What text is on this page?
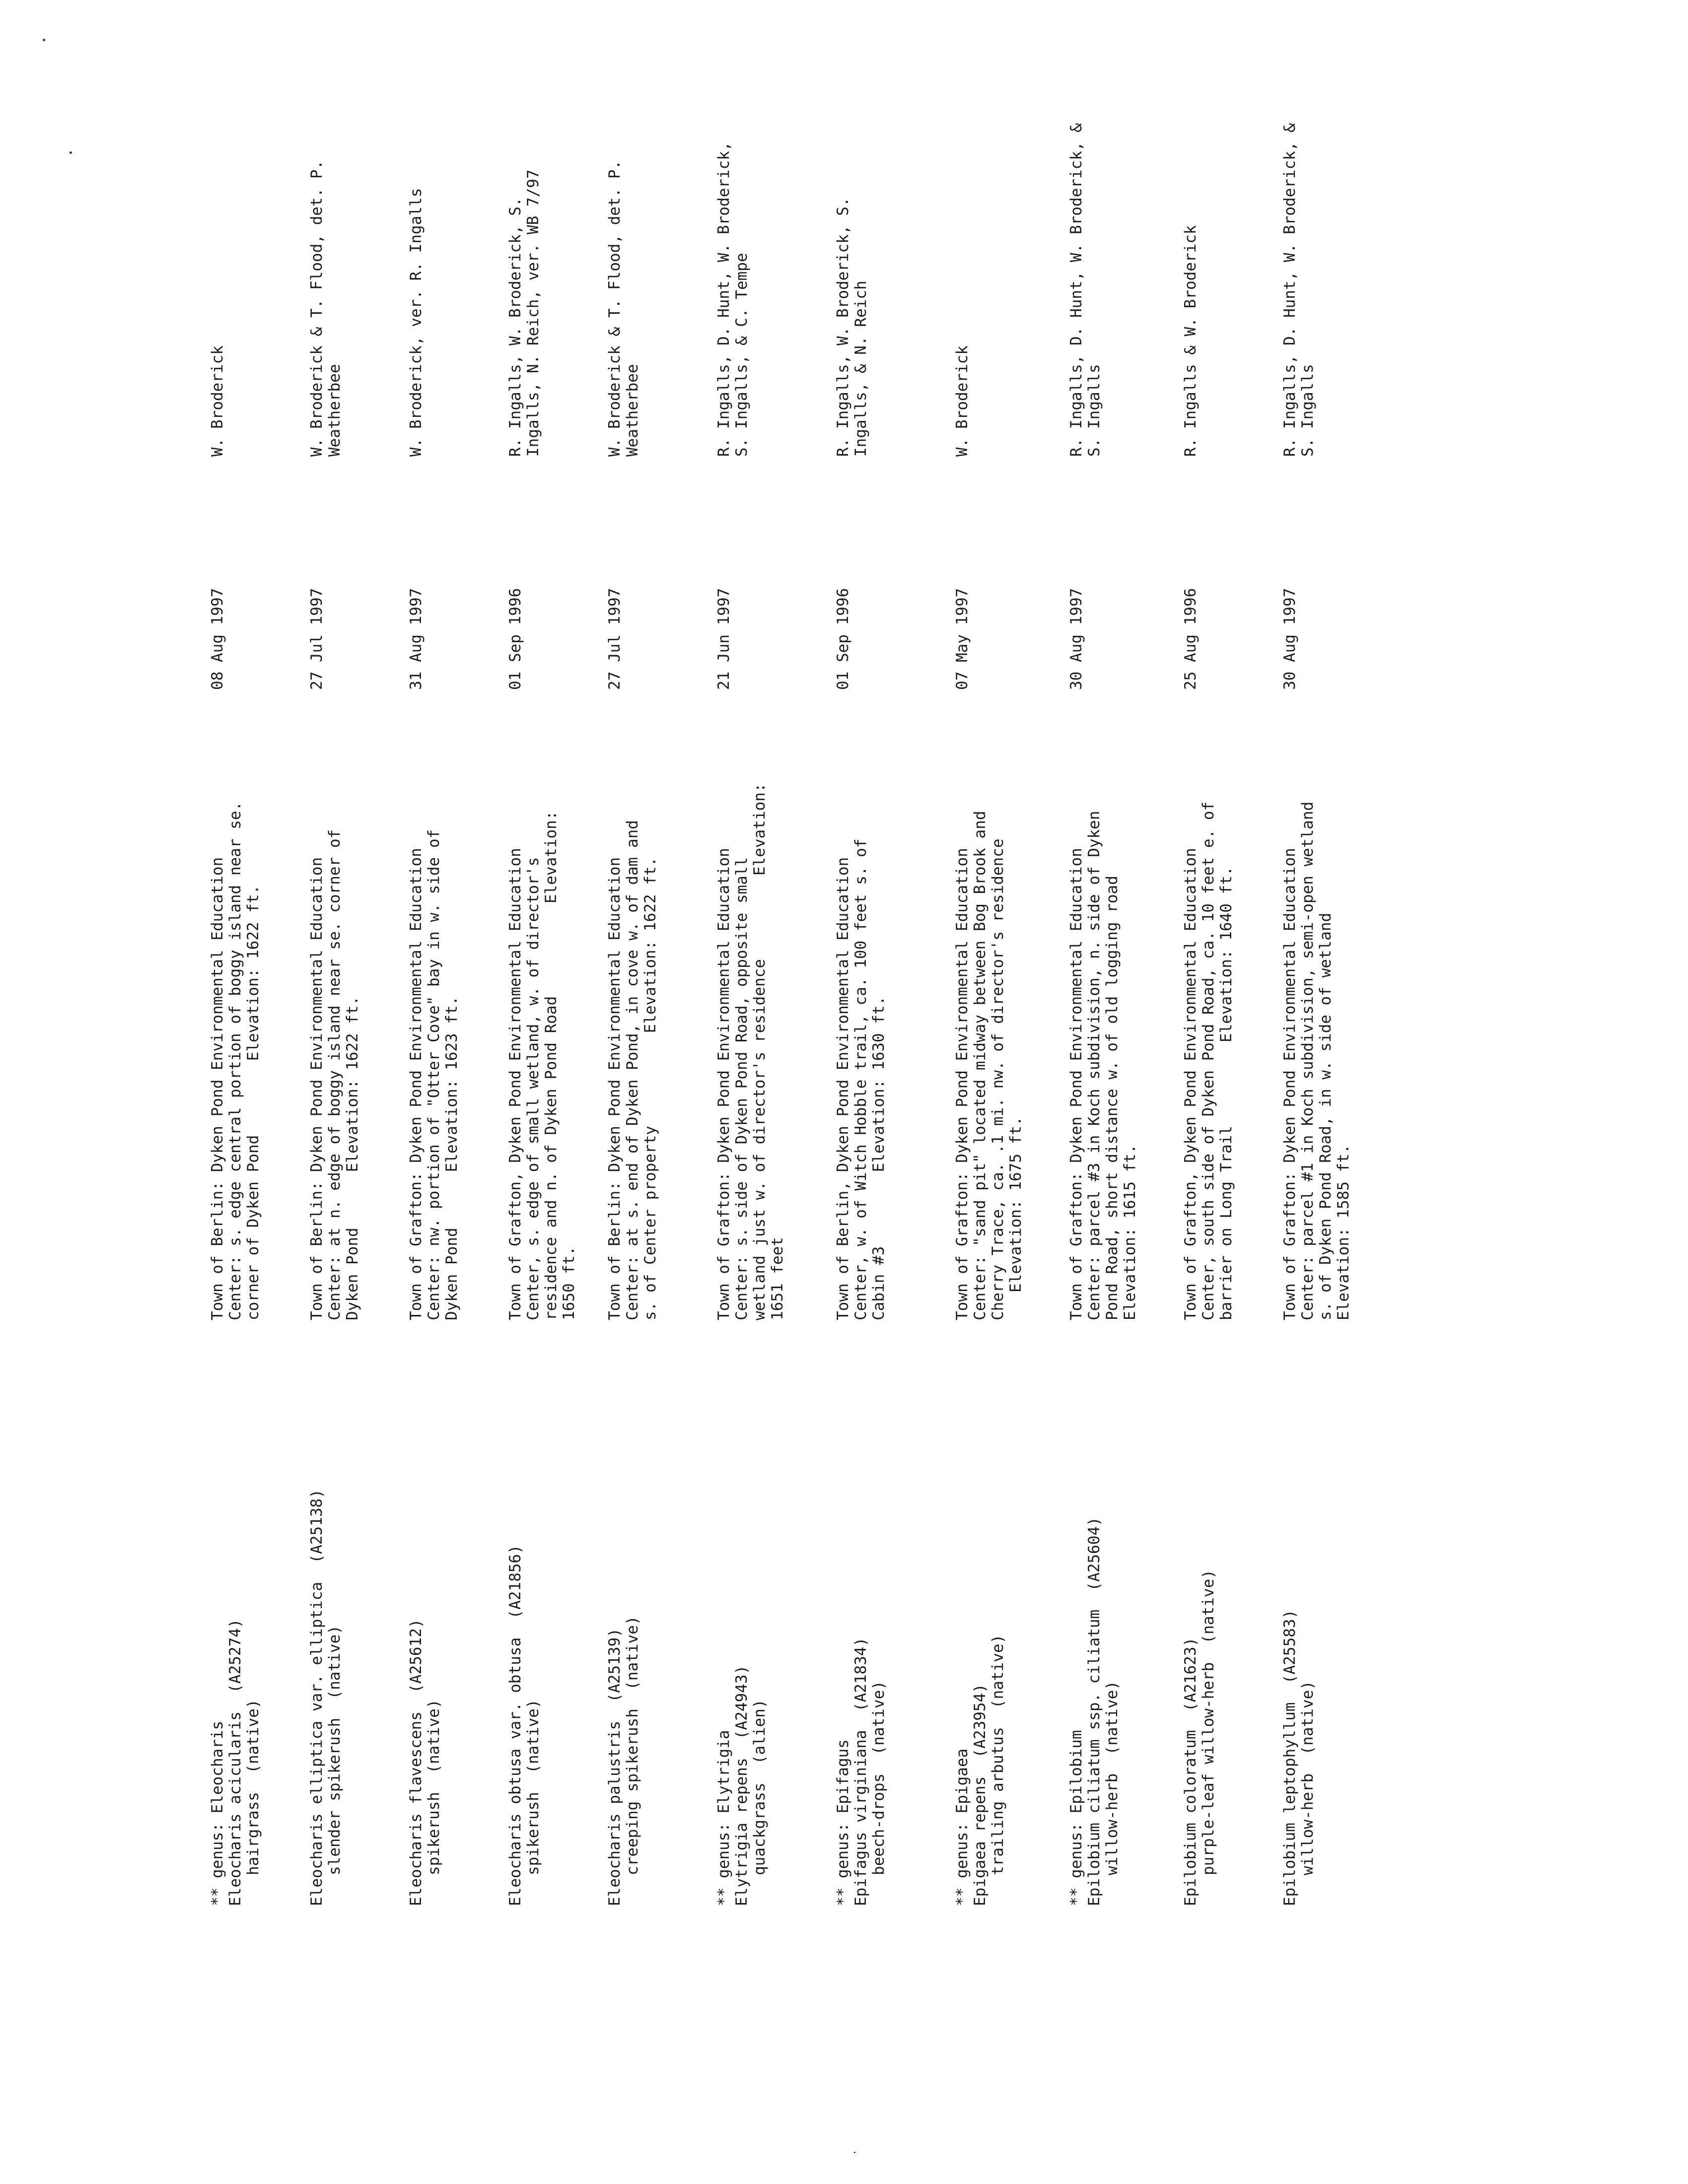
** genus: Eleocharis Eleocharis acicularis  (A25274) hairgrass  (native)
Town of Berlin: Dyken Pond Environmental Education Center: s. edge central portion of boggy island near se. corner of Dyken Pond        Elevation: 1622 ft.
08 Aug 1997
W. Broderick
Eleocharis elliptica var. elliptica  (A25138) slender spikerush  (native)
Town of Berlin: Dyken Pond Environmental Education Center: at n. edge of boggy island near se. corner of Dyken Pond      Elevation: 1622 ft.
27 Jul 1997
W. Broderick & T. Flood, det. P. Weatherbee
Eleocharis flavescens  (A25612) spikerush  (native)
Town of Grafton: Dyken Pond Environmental Education Center: nw. portion of "Otter Cove" bay in w. side of Dyken Pond      Elevation: 1623 ft.
31 Aug 1997
W. Broderick, ver. R. Ingalls
Eleocharis obtusa var. obtusa  (A21856) spikerush  (native)
Town of Grafton, Dyken Pond Environmental Education Center, s. edge of small wetland, w. of director's residence and n. of Dyken Pond Road          Elevation: 1650 ft.
01 Sep 1996
R. Ingalls, W. Broderick, S. Ingalls, N. Reich, ver. WB 7/97
Eleocharis palustris  (A25139) creeping spikerush  (native)
Town of Berlin: Dyken Pond Environmental Education Center: at s. end of Dyken Pond, in cove w. of dam and s. of Center property          Elevation: 1622 ft.
27 Jul 1997
W. Broderick & T. Flood, det. P. Weatherbee
** genus: Elytrigia Elytrigia repens  (A24943) quackgrass  (alien)
Town of Grafton: Dyken Pond Environmental Education Center: s. side of Dyken Pond Road, opposite small wetland just w. of director's residence         Elevation: 1651 feet
21 Jun 1997
R. Ingalls, D. Hunt, W. Broderick, S. Ingalls, & C. Tempe
** genus: Epifagus Epifagus virginiana  (A21834) beech-drops  (native)
Town of Berlin, Dyken Pond Environmental Education Center, w. of Witch Hobble trail, ca. 100 feet s. of Cabin #3        Elevation: 1630 ft.
01 Sep 1996
R. Ingalls, W. Broderick, S. Ingalls, & N. Reich
** genus: Epigaea Epigaea repens  (A23954) trailing arbutus  (native)
Town of Grafton: Dyken Pond Environmental Education Center: "sand pit" located midway between Bog Brook and Cherry Trace, ca. .1 mi. nw. of director's residence Elevation: 1675 ft.
07 May 1997
W. Broderick
** genus: Epilobium Epilobium ciliatum ssp. ciliatum  (A25604) willow-herb  (native)
Town of Grafton: Dyken Pond Environmental Education Center: parcel #3 in Koch subdivision, n. side of Dyken Pond Road, short distance w. of old logging road Elevation: 1615 ft.
30 Aug 1997
R. Ingalls, D. Hunt, W. Broderick, & S. Ingalls
Epilobium coloratum  (A21623) purple-leaf willow-herb  (native)
Town of Grafton, Dyken Pond Environmental Education Center, south side of Dyken Pond Road, ca. 10 feet e. of barrier on Long Trail         Elevation: 1640 ft.
25 Aug 1996
R. Ingalls & W. Broderick
Epilobium leptophyllum  (A25583) willow-herb  (native)
Town of Grafton: Dyken Pond Environmental Education Center: parcel #1 in Koch subdivision, semi-open wetland s. of Dyken Pond Road, in w. side of wetland Elevation: 1585 ft.
30 Aug 1997
R. Ingalls, D. Hunt, W. Broderick, & S. Ingalls
